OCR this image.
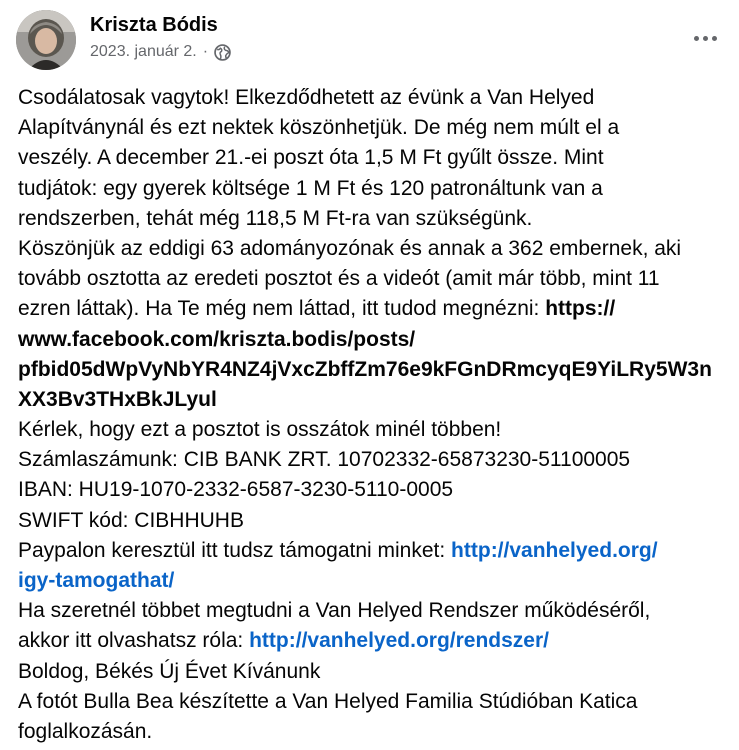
Kriszta Bódis
2023. január 2. ·
Csodálatosak vagytok! Elkezdődhetett az évünk a Van Helyed
Alapítványnál és ezt nektek köszönhetjük. De még nem múlt el a
veszély. A december 21.-ei poszt óta 1,5 M Ft gyűlt össze. Mint
tudjátok: egy gyerek költsége 1 M Ft és 120 patronáltunk van a
rendszerben, tehát még 118,5 M Ft-ra van szükségünk.
Köszönjük az eddigi 63 adományozónak és annak a 362 embernek, aki
tovább osztotta az eredeti posztot és a videót (amit már több, mint 11
ezren láttak). Ha Te még nem láttad, itt tudod megnézni: https://
www.facebook.com/kriszta.bodis/posts/
pfbid05dWpVyNbYR4NZ4jVxcZbffZm76e9kFGnDRmcyqE9YiLRy5W3n
XX3Bv3THxBkJLyul
Kérlek, hogy ezt a posztot is osszátok minél többen!
Számlaszámunk: CIB BANK ZRT. 10702332-65873230-51100005
IBAN: HU19-1070-2332-6587-3230-5110-0005
SWIFT kód: CIBHHUHB
Paypalon keresztül itt tudsz támogatni minket: http://vanhelyed.org/
igy-tamogathat/
Ha szeretnél többet megtudni a Van Helyed Rendszer működéséről,
akkor itt olvashatsz róla: http://vanhelyed.org/rendszer/
Boldog, Békés Új Évet Kívánunk
A fotót Bulla Bea készítette a Van Helyed Familia Stúdióban Katica
foglalkozásán.
